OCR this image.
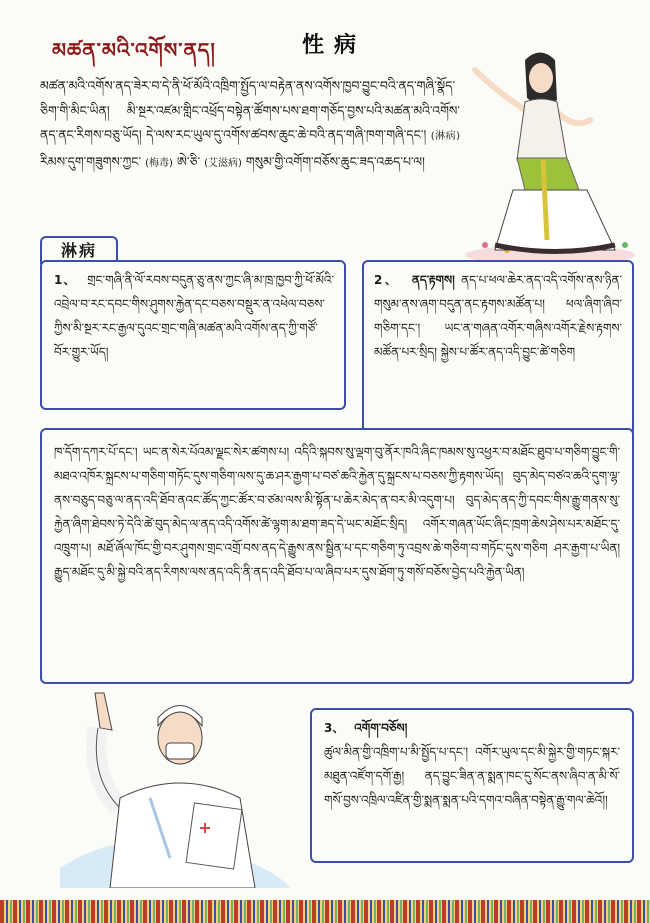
མཚན་མའི་འགོས་ནད།	性病
མཚན་མའི་འགོས་ནད་ཟེར་བ་དེ་ནི་ཕོ་མོའི་འཁྲིག་སྤྱོད་ལ་བརྟེན་ནས་འགོས་ཁྱབ་བྱུང་བའི་ནད་གཞི་སྣོད་ཅིག་གི་མིང་ཡིན། མི་སྔར་འཛམ་གླིང་འཕྲོད་བསྟེན་ཚོགས་པས་ཐག་གཅོད་བྱས་པའི་མཚན་མའི་འགོས་ནད་ནང་རིགས་བཅུ་ཡོད། དེ་ལས་རང་ཡུལ་དུ་འགོས་ཚབས་ཆུང་ཆེ་བའི་ནད་གཞི་ཁག་གཞི་དང་། (淋病) རིམས་དུག་གཟུགས་ཀྱང་ (梅毒) ཨེ་ཅི་ (艾滋病) གསུམ་གྱི་འགོག་བཅོས་ཆུང་ཟད་འཆད་པ་ལ།
淋病
1、 གྲང་གཞི་ནི་ལོ་རབས་བདུན་ཅུ་ནས་ཀྱང་ཞི་མ་ཁྲ་ཁྱབ་ཀྱི་ཕོ་མོའི་འབྲེལ་བ་རང་དབང་གིས་ཤུགས་རྐྱེན་དང་བཅས་བསྡུར་ན་འཕེལ་བཅས་ཀྱིས་མི་སྔར་རང་རྒྱལ་དུའང་གྲང་གཞི་མཚན་མའི་འགོས་ནད་ཀྱི་གཙོ་བོར་གྱུར་ཡོད།
2、 ནད་རྟགས། ནད་པ་ཕལ་ཆེར་ནད་འདི་འགོས་ནས་ཉིན་གསུམ་ནས་ཞག་བདུན་ནང་རྟགས་མཚོན་པ། ཕལ་ཞིག་ཞིབ་གཅིག་དང་། ཡང་ན་གཞན་འགོར་གཞིས་འགོར་རྗེས་རྟགས་མཚོན་པར་སྲིད། སྐྱེས་པ་ཚོར་ནད་འདི་བྱུང་ཚེ་གཅིག
ཁ་དོག་དཀར་པོ་དང་། ཡང་ན་སེར་པོའམ་ལྗང་སེར་ཚགས་པ། འདིའི་སྐབས་སུ་ལྡག་བུ་ནོར་ཁའི་ཞིང་ཁམས་སུ་འཕྱར་བ་མཐོང་ཐུབ་པ་གཅིག་བྱུང་གི་མཐའ་འཁོར་སྐྲངས་པ་གཅིག་གཏོང་དུས་གཅིག་ལས་དུ་ཆ་ཤར་རྒྱག་པ་བཙ་ཆའི་རྐྱེན་དུ་སྐྲངས་པ་བཅས་ཀྱི་རྟགས་ཡོད། བུད་མེད་བཙའ་ཆའི་དུག་ལྷ་ནས་བཅུད་བཅུ་ལ་ནད་འདི་ཐོབ་ནའང་ཚོད་ཀྱང་ཚོར་བ་ཙམ་ལས་མི་སྟོན་པ་ཆེར་མེད་ན་བར་མི་འདུག་པ། བུད་མེད་ནད་ཀྱི་དབང་གིས་རྒྱུ་གནས་སུ་རྐྱེན་ཞིག་ཐེབས་ཏེ་དེའི་ཚེ་བུད་མེད་ལ་ནད་འདི་འགོས་ཚེ་ལྷག་མ་ཐག་ཟད་དེ་ཡང་མཐོང་སྲིད། འགོར་གཞན་ཡོང་ཞིང་ཁྲག་ཆེས་ཤེས་པར་མཐོང་དུ་འཁྲུག་པ། མཐོ་ཞོལ་ཁོང་གྱི་བར་ཤུགས་གྲང་འགྲོ་བས་ནད་དེ་རྒྱུས་ནས་སྦྱིན་པ་དང་གཅིག་ཏུ་འབྲས་ཆེ་གཅིག་བ་གཏོང་དུས་གཅིག ཤར་རྒྱག་པ་ཡིན། རྒྱུད་མཐོང་དུ་མི་སྐྱེ་བའི་ནད་རིགས་ལས་ནད་འདི་ནི་ནད་འདི་ཐོབ་པ་ལ་ཞིབ་པར་དུས་ཐོག་ཏུ་གསོ་བཅོས་བྱེད་པའི་རྐྱེན་ཡིན།
3、 འགོག་བཅོས།
ཚུལ་མིན་གྱི་འཁྲིག་པ་མི་སྤྱོད་པ་དང་། འགོར་ཡུལ་དང་མི་སྐྱེར་གྱི་གཏང་སྐར་མཐུན་འཛོག་དགོ་རྒྱ། ནད་བྱུང་ཟིན་ན་སྨན་ཁང་དུ་སོང་ནས་ཞིབ་ན་མི་སོ་གསོ་བྱས་འཁྲིལ་འཛིན་གྱི་སྨན་སྨན་པའི་དགའ་བཞིན་བསྟེན་རྒྱུ་གལ་ཆེའོ།།
